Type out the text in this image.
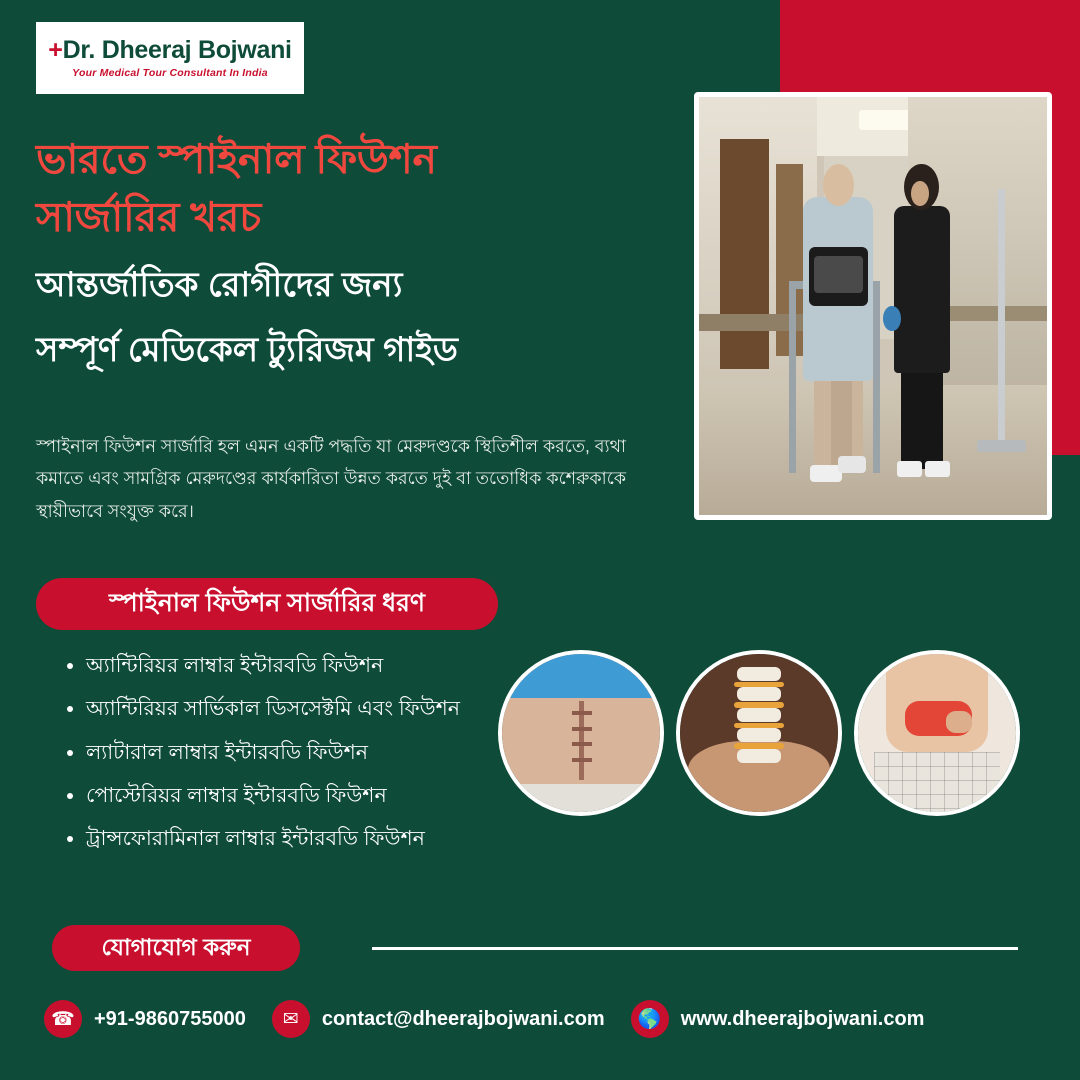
+Dr. Dheeraj Bojwani
Your Medical Tour Consultant In India
ভারতে স্পাইনাল ফিউশন
সার্জারির খরচ
আন্তর্জাতিক রোগীদের জন্য
সম্পূর্ণ মেডিকেল ট্যুরিজম গাইড
স্পাইনাল ফিউশন সার্জারি হল এমন একটি পদ্ধতি যা মেরুদণ্ডকে স্থিতিশীল করতে, ব্যথা কমাতে এবং সামগ্রিক মেরুদণ্ডের কার্যকারিতা উন্নত করতে দুই বা ততোধিক কশেরুকাকে স্থায়ীভাবে সংযুক্ত করে।
স্পাইনাল ফিউশন সার্জারির ধরণ
• অ্যান্টিরিয়র লাম্বার ইন্টারবডি ফিউশন
• অ্যান্টিরিয়র সার্ভিকাল ডিসসেক্টমি এবং ফিউশন
• ল্যাটারাল লাম্বার ইন্টারবডি ফিউশন
• পোস্টেরিয়র লাম্বার ইন্টারবডি ফিউশন
• ট্রান্সফোরামিনাল লাম্বার ইন্টারবডি ফিউশন
যোগাযোগ করুন
☎ +91-9860755000	✉	contact@dheerajbojwani.com	🌎 www.dheerajbojwani.com
